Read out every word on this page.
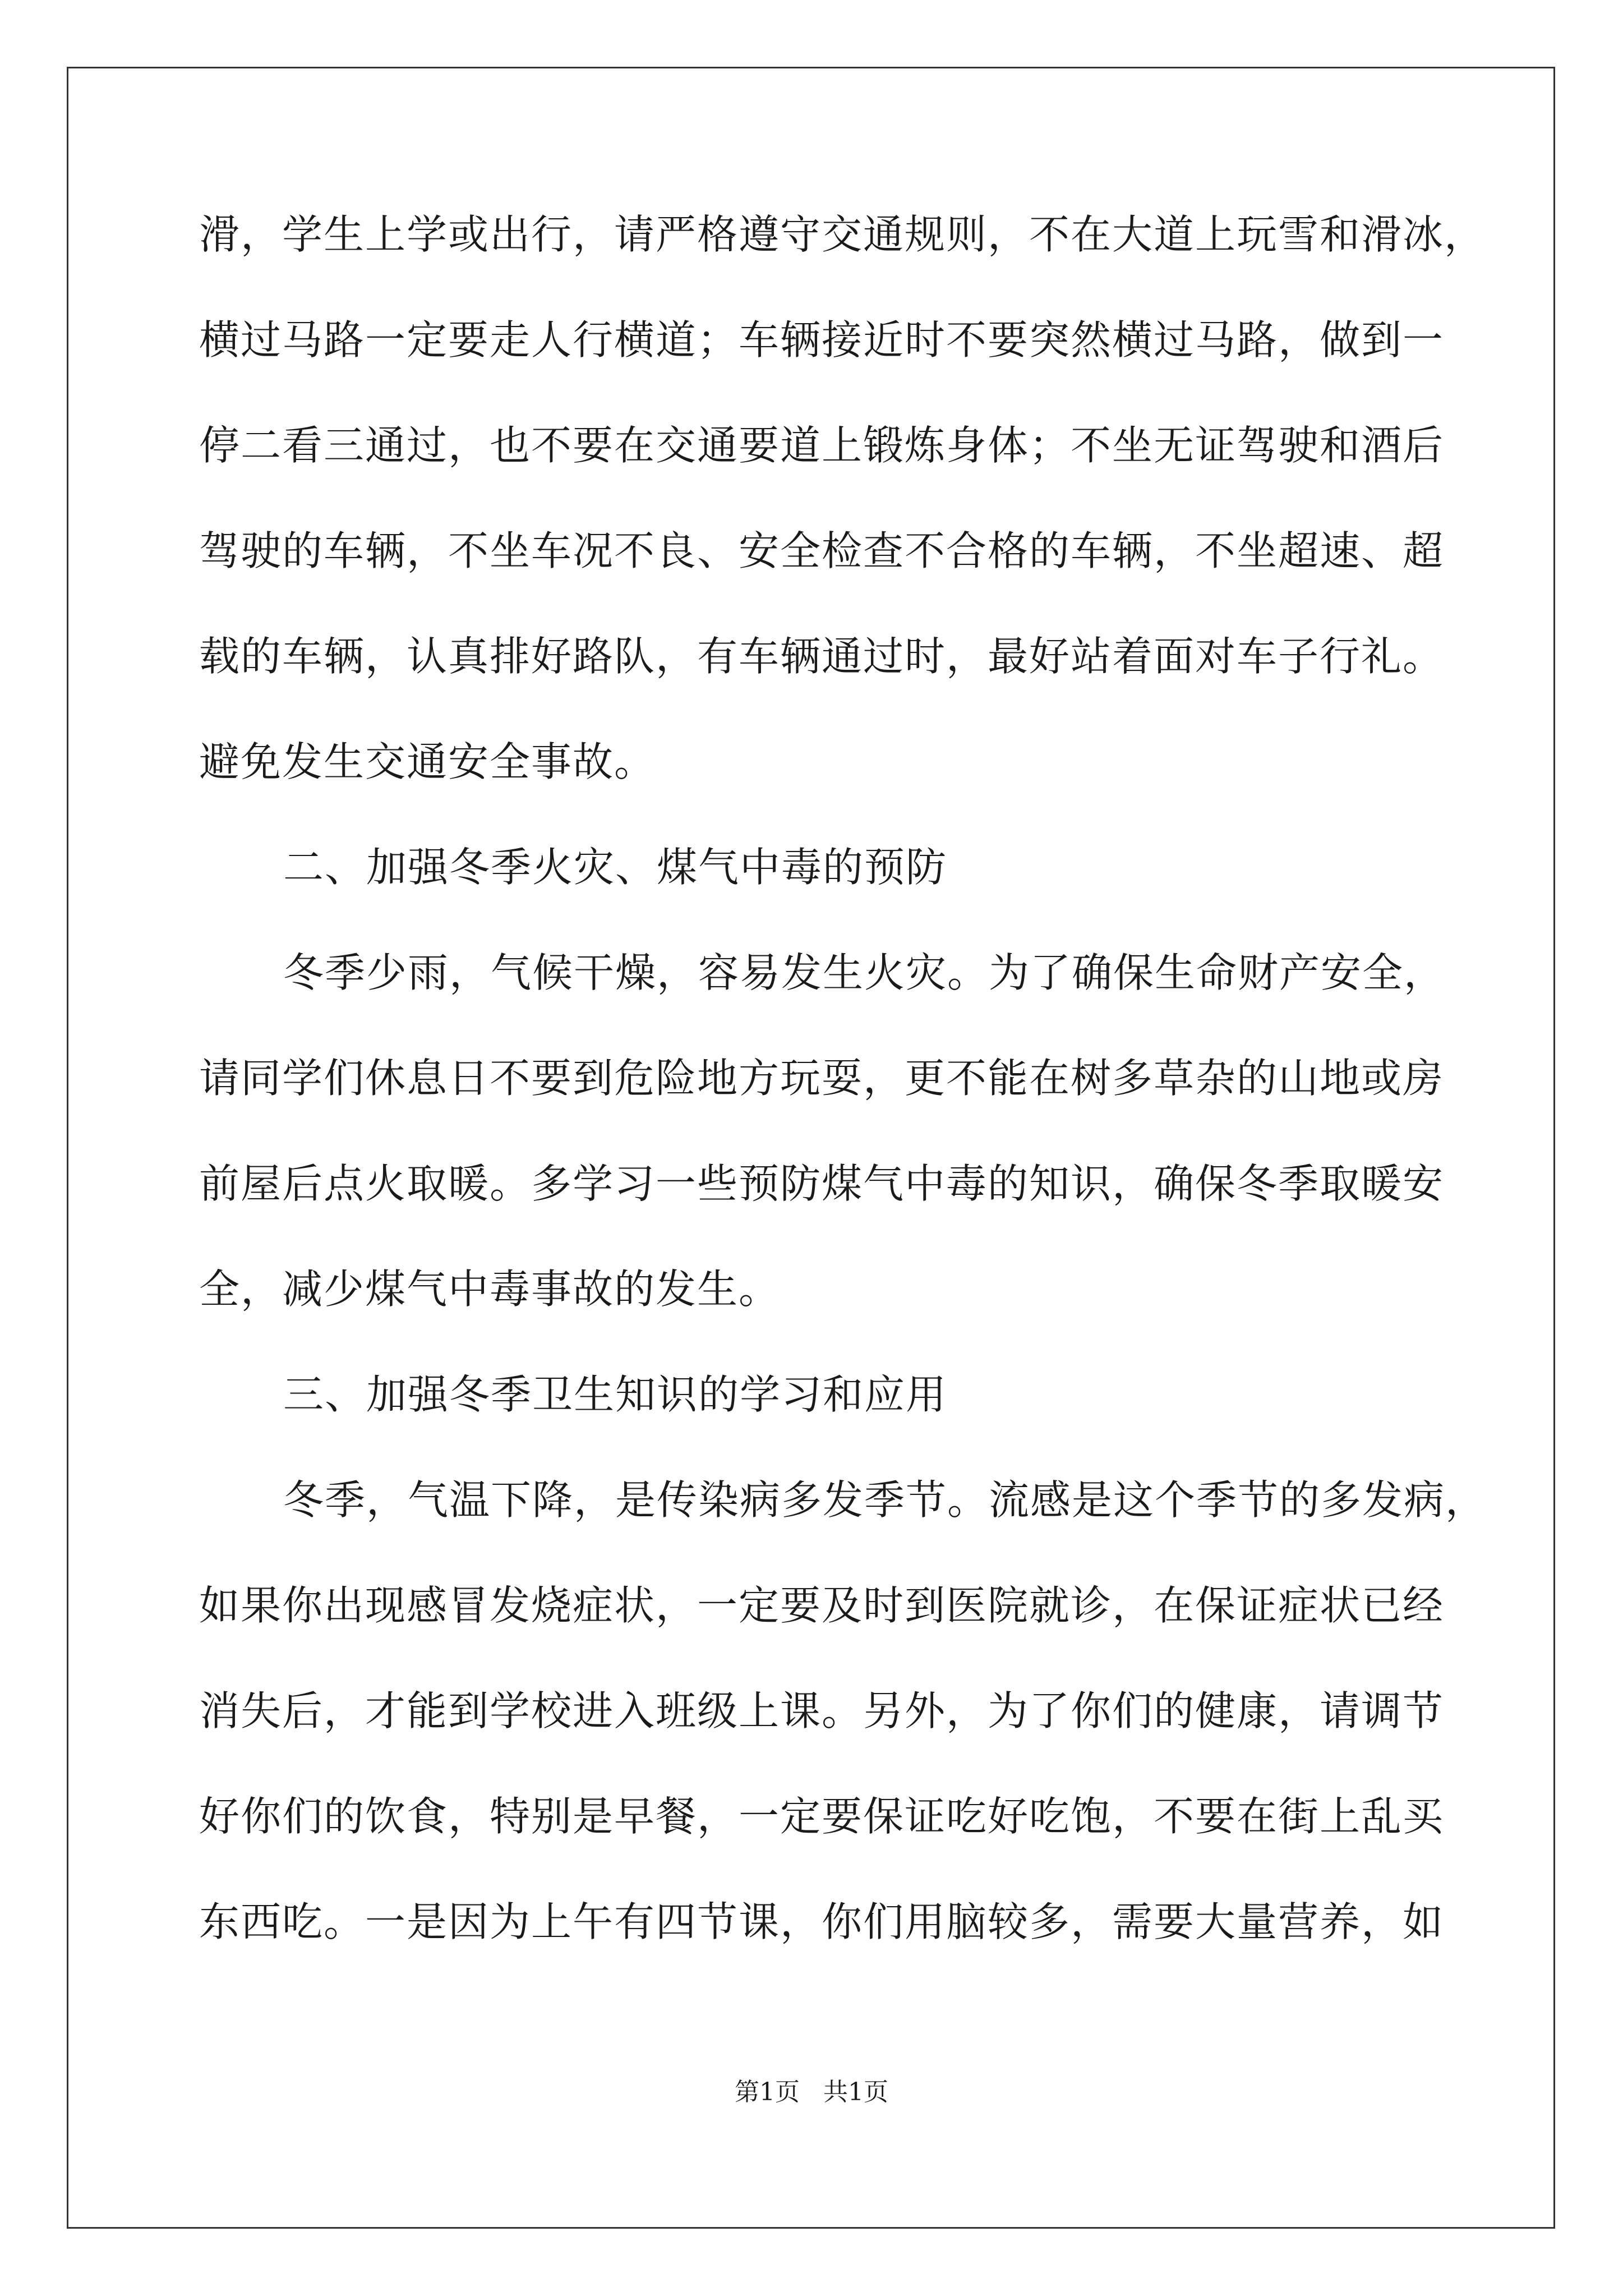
滑，学生上学或出行，请严格遵守交通规则，不在大道上玩雪和滑冰，
横过马路一定要走人行横道；车辆接近时不要突然横过马路，做到一
停二看三通过，也不要在交通要道上锻炼身体；不坐无证驾驶和酒后
驾驶的车辆，不坐车况不良、安全检查不合格的车辆，不坐超速、超
载的车辆，认真排好路队，有车辆通过时，最好站着面对车子行礼。
避免发生交通安全事故。
二、加强冬季火灾、煤气中毒的预防
冬季少雨，气候干燥，容易发生火灾。为了确保生命财产安全，
请同学们休息日不要到危险地方玩耍，更不能在树多草杂的山地或房
前屋后点火取暖。多学习一些预防煤气中毒的知识，确保冬季取暖安
全，减少煤气中毒事故的发生。
三、加强冬季卫生知识的学习和应用
冬季，气温下降，是传染病多发季节。流感是这个季节的多发病，
如果你出现感冒发烧症状，一定要及时到医院就诊，在保证症状已经
消失后，才能到学校进入班级上课。另外，为了你们的健康，请调节
好你们的饮食，特别是早餐，一定要保证吃好吃饱，不要在街上乱买
东西吃。一是因为上午有四节课，你们用脑较多，需要大量营养，如
第1页   共1页
